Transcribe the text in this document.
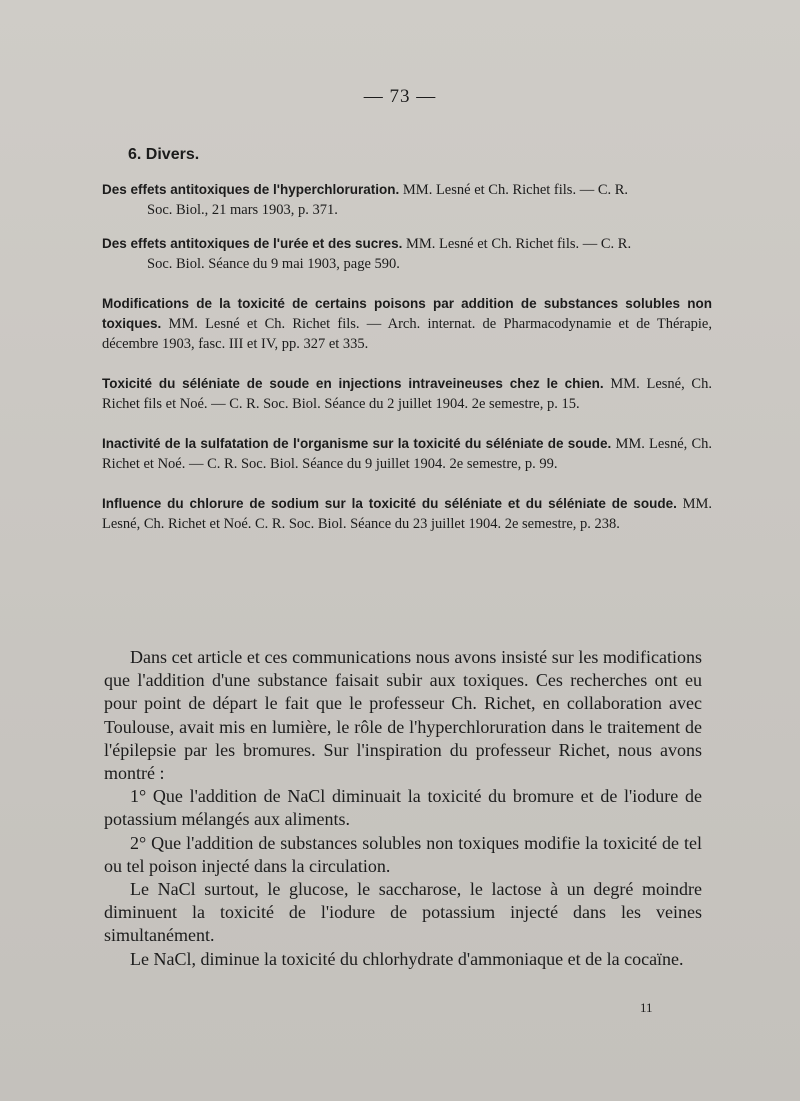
— 73 —
6. Divers.
Des effets antitoxiques de l'hyperchloruration. MM. Lesné et Ch. Richet fils. — C. R.
Soc. Biol., 21 mars 1903, p. 371.
Des effets antitoxiques de l'urée et des sucres. MM. Lesné et Ch. Richet fils. — C. R.
Soc. Biol. Séance du 9 mai 1903, page 590.
Modifications de la toxicité de certains poisons par addition de substances solubles non toxiques. MM. Lesné et Ch. Richet fils. — Arch. internat. de Pharmacodynamie et de Thérapie, décembre 1903, fasc. III et IV, pp. 327 et 335.
Toxicité du séléniate de soude en injections intraveineuses chez le chien. MM. Lesné, Ch. Richet fils et Noé. — C. R. Soc. Biol. Séance du 2 juillet 1904. 2e semestre, p. 15.
Inactivité de la sulfatation de l'organisme sur la toxicité du séléniate de soude. MM. Lesné, Ch. Richet et Noé. — C. R. Soc. Biol. Séance du 9 juillet 1904. 2e semestre, p. 99.
Influence du chlorure de sodium sur la toxicité du séléniate et du séléniate de soude. MM. Lesné, Ch. Richet et Noé. C. R. Soc. Biol. Séance du 23 juillet 1904. 2e semestre, p. 238.

Dans cet article et ces communications nous avons insisté sur les modifications que l'addition d'une substance faisait subir aux toxiques. Ces recherches ont eu pour point de départ le fait que le professeur Ch. Richet, en collaboration avec Toulouse, avait mis en lumière, le rôle de l'hyperchloruration dans le traitement de l'épilepsie par les bromures. Sur l'inspiration du professeur Richet, nous avons montré :

1° Que l'addition de NaCl diminuait la toxicité du bromure et de l'iodure de potassium mélangés aux aliments.

2° Que l'addition de substances solubles non toxiques modifie la toxicité de tel ou tel poison injecté dans la circulation.

Le NaCl surtout, le glucose, le saccharose, le lactose à un degré moindre diminuent la toxicité de l'iodure de potassium injecté dans les veines simultanément.

Le NaCl, diminue la toxicité du chlorhydrate d'ammoniaque et de la cocaïne.

11
